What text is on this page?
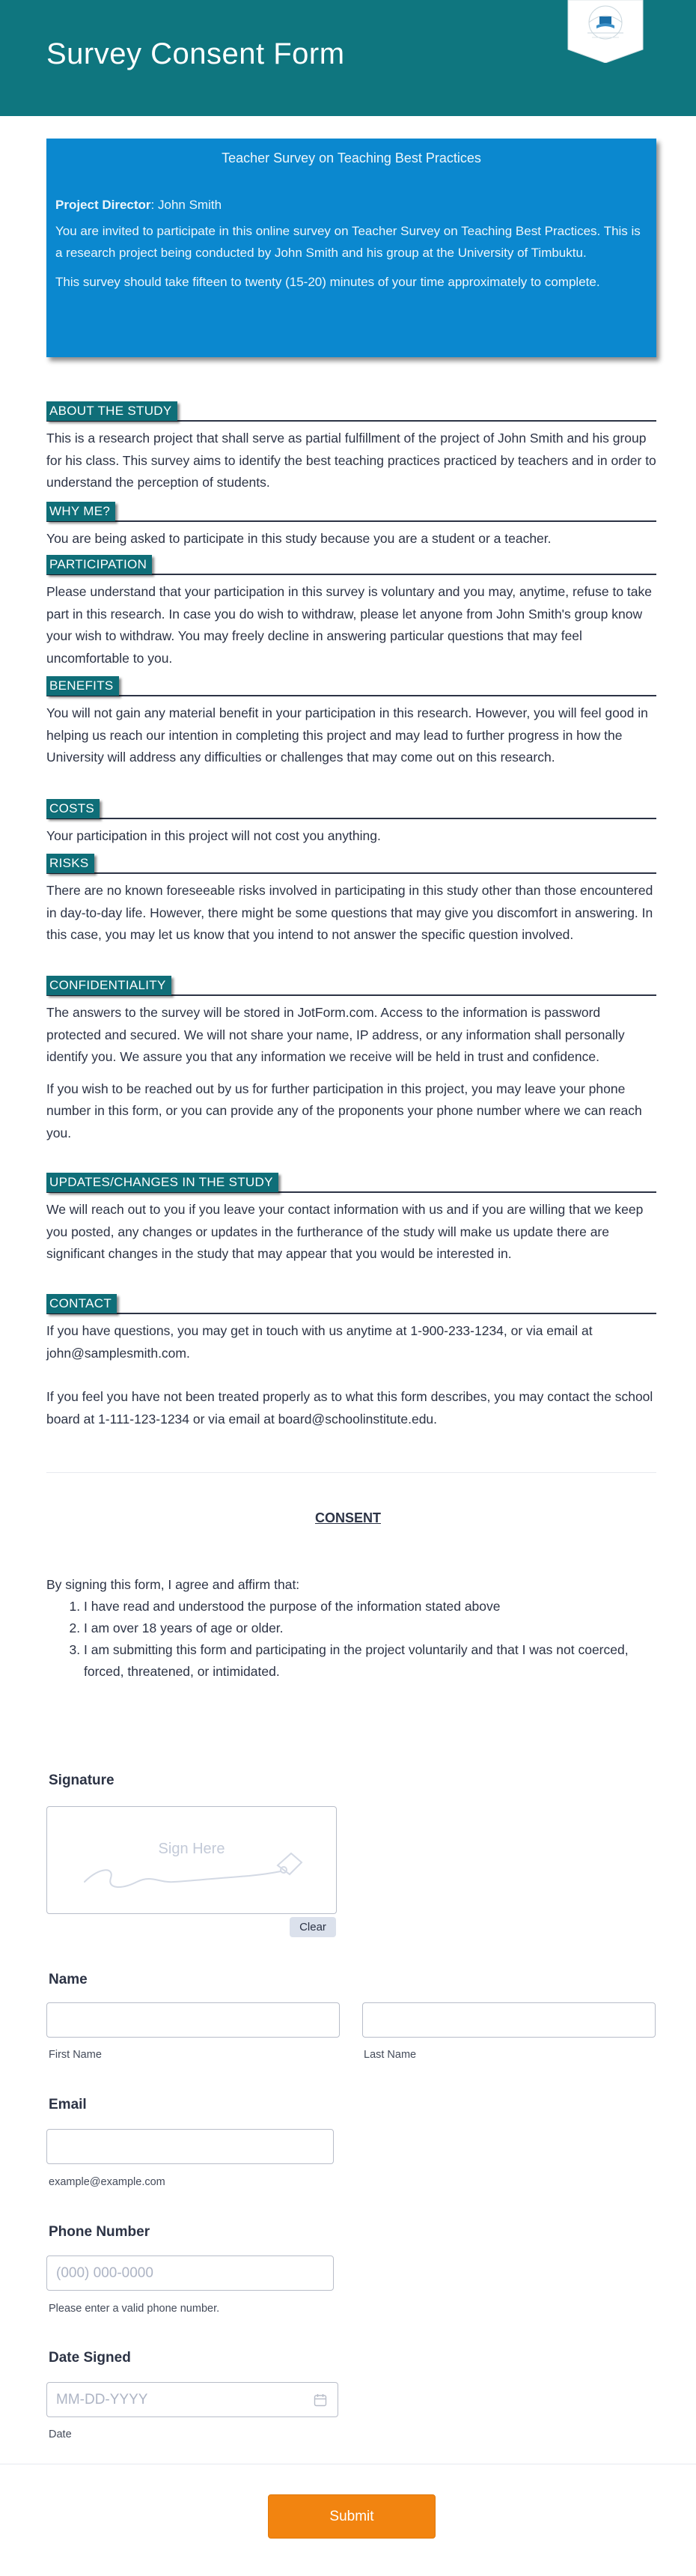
Survey Consent Form
Teacher Survey on Teaching Best Practices
Project Director: John Smith

You are invited to participate in this online survey on Teacher Survey on Teaching Best Practices. This is a research project being conducted by John Smith and his group at the University of Timbuktu.

This survey should take fifteen to twenty (15-20) minutes of your time approximately to complete.

ABOUT THE STUDY
This is a research project that shall serve as partial fulfillment of the project of John Smith and his group for his class. This survey aims to identify the best teaching practices practiced by teachers and in order to understand the perception of students.
WHY ME?
You are being asked to participate in this study because you are a student or a teacher.
PARTICIPATION
Please understand that your participation in this survey is voluntary and you may, anytime, refuse to take part in this research. In case you do wish to withdraw, please let anyone from John Smith's group know your wish to withdraw. You may freely decline in answering particular questions that may feel uncomfortable to you.
BENEFITS
You will not gain any material benefit in your participation in this research. However, you will feel good in helping us reach our intention in completing this project and may lead to further progress in how the University will address any difficulties or challenges that may come out on this research.
COSTS
Your participation in this project will not cost you anything.
RISKS
There are no known foreseeable risks involved in participating in this study other than those encountered in day-to-day life. However, there might be some questions that may give you discomfort in answering. In this case, you may let us know that you intend to not answer the specific question involved.
CONFIDENTIALITY

The answers to the survey will be stored in JotForm.com. Access to the information is password protected and secured. We will not share your name, IP address, or any information shall personally identify you. We assure you that any information we receive will be held in trust and confidence.

If you wish to be reached out by us for further participation in this project, you may leave your phone number in this form, or you can provide any of the proponents your phone number where we can reach you.

UPDATES/CHANGES IN THE STUDY
We will reach out to you if you leave your contact information with us and if you are willing that we keep you posted, any changes or updates in the furtherance of the study will make us update there are significant changes in the study that may appear that you would be interested in.
CONTACT

If you have questions, you may get in touch with us anytime at 1-900-233-1234, or via email at john@samplesmith.com.

If you feel you have not been treated properly as to what this form describes, you may contact the school board at 1-111-123-1234 or via email at board@schoolinstitute.edu.

CONSENT
By signing this form, I agree and affirm that:
1. I have read and understood the purpose of the information stated above
2. I am over 18 years of age or older.
3. I am submitting this form and participating in the project voluntarily and that I was not coerced, forced, threatened, or intimidated.
Signature
Sign Here
Clear
Name
First Name	Last Name
Email
example@example.com
Phone Number
(000) 000-0000
Please enter a valid phone number.
Date Signed
MM-DD-YYYY
Date
Submit
